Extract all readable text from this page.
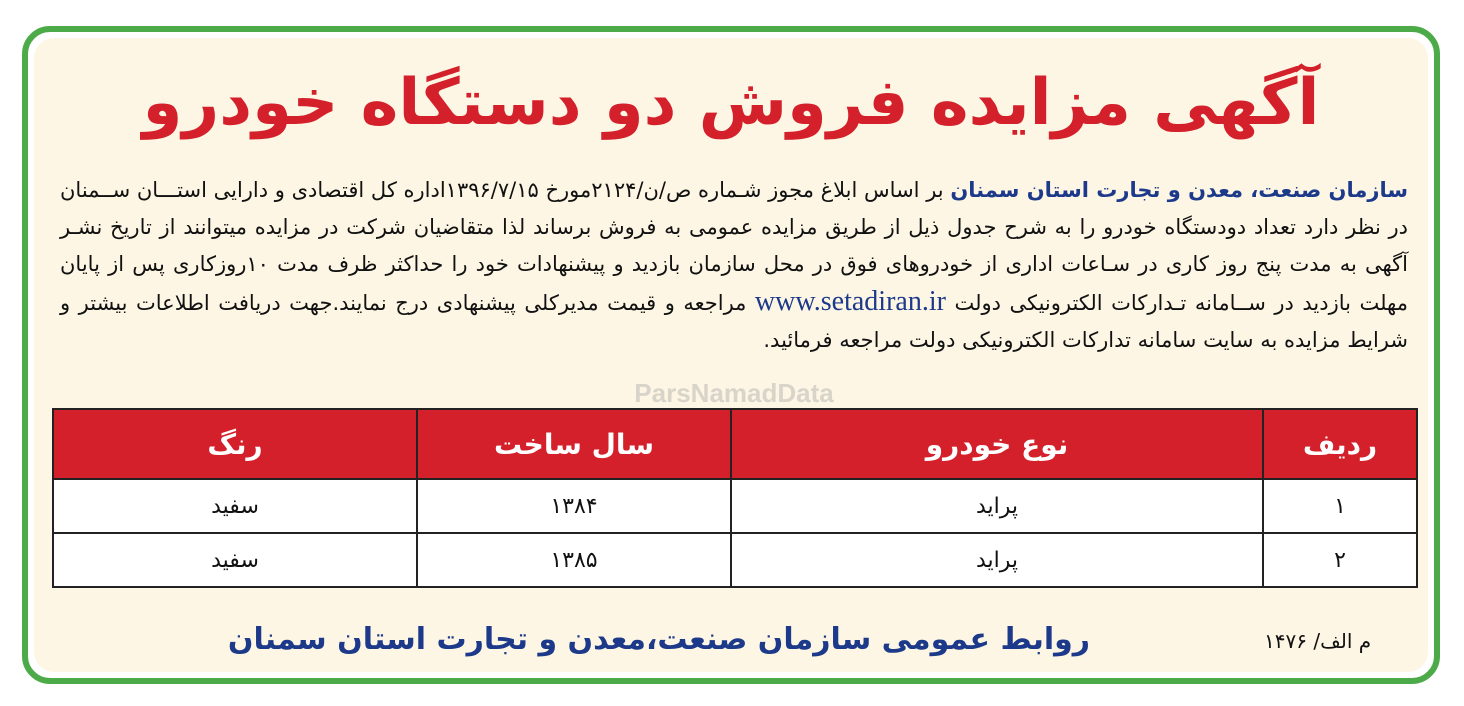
آگهی مزایده فروش دو دستگاه خودرو
سازمان صنعت، معدن و تجارت استان سمنان بر اساس ابلاغ مجوز شـماره ص/ن/۲۱۲۴مورخ ۱۳۹۶/۷/۱۵اداره کل اقتصادی و دارایی استـــان ســمنان در نظر دارد تعداد دودستگاه خودرو را به شرح جدول ذیل از طریق مزایده عمومی به فروش برساند لذا متقاضیان شرکت در مزایده میتوانند از تاریخ نشـر آگهی به مدت پنج روز کاری در سـاعات اداری از خودروهای فوق در محل سازمان بازدید و پیشنهادات خود را حداکثر ظرف مدت ۱۰روزکاری پس از پایان مهلت بازدید در ســامانه تـدارکات الکترونیکی دولت www.setadiran.ir مراجعه و قیمت مدیرکلی پیشنهادی درج نمایند.جهت دریافت اطلاعات بیشتر و شرایط مزایده به سایت سامانه تدارکات الکترونیکی دولت مراجعه فرمائید.
ParsNamadData
ردیف	نوع خودرو	سال ساخت	رنگ
۱	پراید	۱۳۸۴	سفید
۲	پراید	۱۳۸۵	سفید
روابط عمومی سازمان صنعت،معدن و تجارت استان سمنان	م الف/ ۱۴۷۶
